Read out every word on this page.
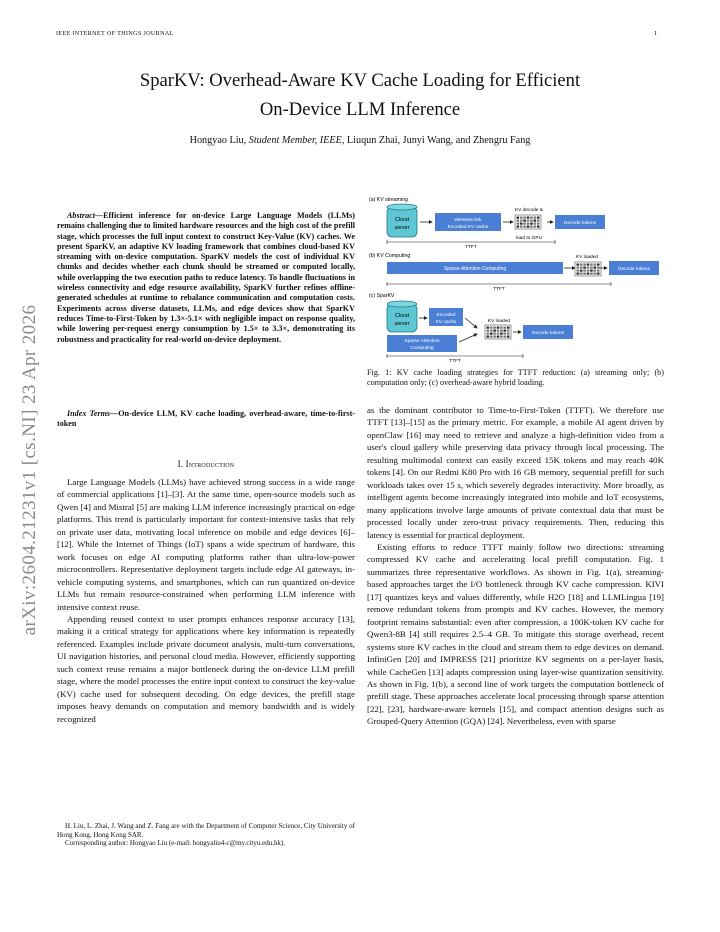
IEEE INTERNET OF THINGS JOURNAL	1
SparKV: Overhead-Aware KV Cache Loading for Efficient
On-Device LLM Inference
Hongyao Liu, Student Member, IEEE, Liuqun Zhai, Junyi Wang, and Zhengru Fang
arXiv:2604.21231v1 [cs.NI] 23 Apr 2026
Abstract—Efficient inference for on-device Large Language Models (LLMs) remains challenging due to limited hardware resources and the high cost of the prefill stage, which processes the full input context to construct Key-Value (KV) caches. We present SparKV, an adaptive KV loading framework that combines cloud-based KV streaming with on-device computation. SparKV models the cost of individual KV chunks and decides whether each chunk should be streamed or computed locally, while overlapping the two execution paths to reduce latency. To handle fluctuations in wireless connectivity and edge resource availability, SparKV further refines offline-generated schedules at runtime to rebalance communication and computation costs. Experiments across diverse datasets, LLMs, and edge devices show that SparKV reduces Time-to-First-Token by 1.3×-5.1× with negligible impact on response quality, while lowering per-request energy consumption by 1.5× to 3.3×, demonstrating its robustness and practicality for real-world on-device deployment.
Index Terms—On-device LLM, KV cache loading, overhead-aware, time-to-first-token
I. Introduction

Large Language Models (LLMs) have achieved strong success in a wide range of commercial applications [1]–[3]. At the same time, open-source models such as Qwen [4] and Mistral [5] are making LLM inference increasingly practical on edge platforms. This trend is particularly important for context-intensive tasks that rely on private user data, motivating local inference on mobile and edge devices [6]–[12]. While the Internet of Things (IoT) spans a wide spectrum of hardware, this work focuses on edge AI computing platforms rather than ultra-low-power microcontrollers. Representative deployment targets include edge AI gateways, in-vehicle computing systems, and smartphones, which can run quantized on-device LLMs but remain resource-constrained when performing LLM inference with intensive context reuse.

Appending reused context to user prompts enhances response accuracy [13], making it a critical strategy for applications where key information is repeatedly referenced. Examples include private document analysis, multi-turn conversations, UI navigation histories, and personal cloud media. However, efficiently supporting such context reuse remains a major bottleneck during the on-device LLM prefill stage, where the model processes the entire input context to construct the key-value (KV) cache used for subsequent decoding. On edge devices, the prefill stage imposes heavy demands on computation and memory bandwidth and is widely recognized

H. Liu, L. Zhai, J. Wang and Z. Fang are with the Department of Computer Science, City University of Hong Kong, Hong Kong SAR.
Corresponding author: Hongyao Liu (e-mail: hongyaliu4-c@my.cityu.edu.hk).
(a) KV streaming
Cloud
server
Wireless link
Encoded KV cache
KV decode &
load to GPU
Decode tokens
TTFT
(b) KV Computing
Sparse Attention Computing
KV loaded
Decode tokens
TTFT
(c) SparKV
Cloud
server
Encoded
KV cache
Sparse Attention
Computing
KV loaded
Decode tokens
TTFT
Fig. 1: KV cache loading strategies for TTFT reduction: (a) streaming only; (b) computation only; (c) overhead-aware hybrid loading.

as the dominant contributor to Time-to-First-Token (TTFT). We therefore use TTFT [13]–[15] as the primary metric. For example, a mobile AI agent driven by openClaw [16] may need to retrieve and analyze a high-definition video from a user's cloud gallery while preserving data privacy through local processing. The resulting multimodal context can easily exceed 15K tokens and may reach 40K tokens [4]. On our Redmi K80 Pro with 16 GB memory, sequential prefill for such workloads takes over 15 s, which severely degrades interactivity. More broadly, as intelligent agents become increasingly integrated into mobile and IoT ecosystems, many applications involve large amounts of private contextual data that must be processed locally under zero-trust privacy requirements. Then, reducing this latency is essential for practical deployment.

Existing efforts to reduce TTFT mainly follow two directions: streaming compressed KV cache and accelerating local prefill computation. Fig. 1 summarizes three representative workflows. As shown in Fig. 1(a), streaming-based approaches target the I/O bottleneck through KV cache compression. KIVI [17] quantizes keys and values differently, while H2O [18] and LLMLingua [19] remove redundant tokens from prompts and KV caches. However, the memory footprint remains substantial: even after compression, a 100K-token KV cache for Qwen3-8B [4] still requires 2.5–4 GB. To mitigate this storage overhead, recent systems store KV caches in the cloud and stream them to edge devices on demand. InfiniGen [20] and IMPRESS [21] prioritize KV segments on a per-layer basis, while CacheGen [13] adapts compression using layer-wise quantization sensitivity. As shown in Fig. 1(b), a second line of work targets the computation bottleneck of prefill stage. These approaches accelerate local processing through sparse attention [22], [23], hardware-aware kernels [15], and compact attention designs such as Grouped-Query Attention (GQA) [24]. Nevertheless, even with sparse
